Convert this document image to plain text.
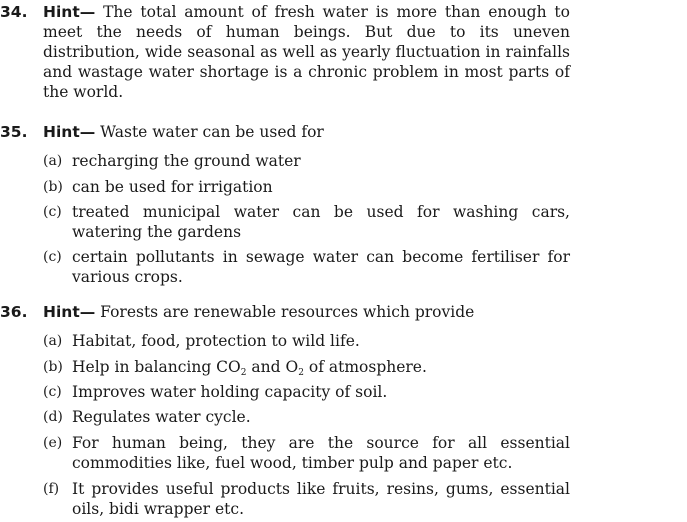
34. Hint— The total amount of fresh water is more than enough to meet the needs of human beings. But due to its uneven distribution, wide seasonal as well as yearly fluctuation in rainfalls and wastage water shortage is a chronic problem in most parts of the world.
35. Hint— Waste water can be used for
(a) recharging the ground water
(b) can be used for irrigation
(c) treated municipal water can be used for washing cars, watering the gardens
(c) certain pollutants in sewage water can become fertiliser for various crops.
36. Hint— Forests are renewable resources which provide
(a) Habitat, food, protection to wild life.
(b) Help in balancing $CO_2$ and $O_2$ of atmosphere.
(c) Improves water holding capacity of soil.
(d) Regulates water cycle.
(e) For human being, they are the source for all essential commodities like, fuel wood, timber pulp and paper etc.
(f) It provides useful products like fruits, resins, gums, essential oils, bidi wrapper etc.
